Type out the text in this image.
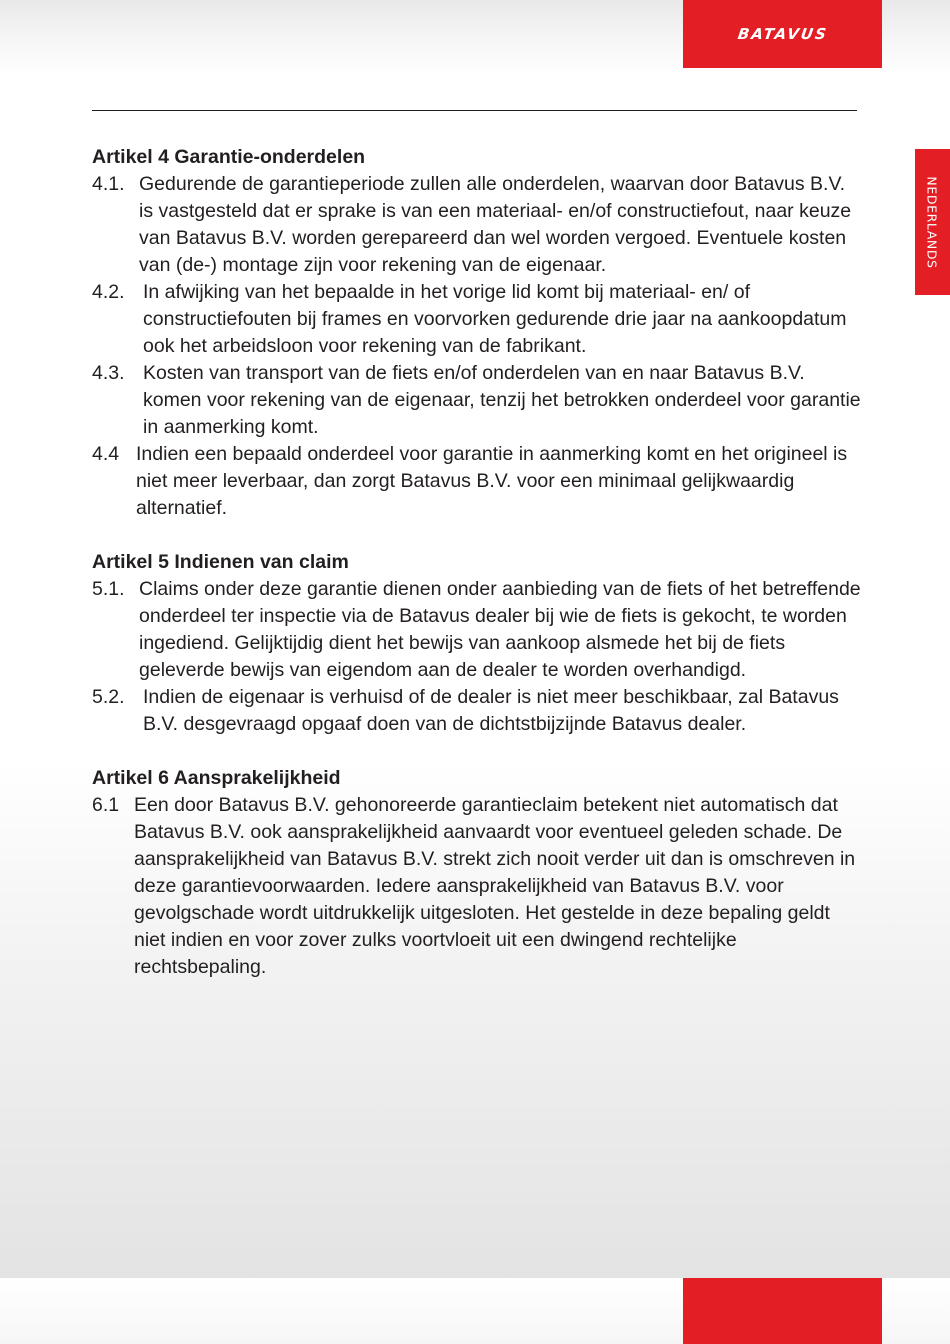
BATAVUS
NEDERLANDS
Artikel 4 Garantie-onderdelen
4.1. Gedurende de garantieperiode zullen alle onderdelen, waarvan door Batavus B.V. is vastgesteld dat er sprake is van een materiaal- en/of constructiefout, naar keuze van Batavus B.V. worden gerepareerd dan wel worden vergoed. Eventuele kosten van (de-) montage zijn voor rekening van de eigenaar.
4.2. In afwijking van het bepaalde in het vorige lid komt bij materiaal- en/ of constructiefouten bij frames en voorvorken gedurende drie jaar na aankoopdatum ook het arbeidsloon voor rekening van de fabrikant.
4.3. Kosten van transport van de fiets en/of onderdelen van en naar Batavus B.V. komen voor rekening van de eigenaar, tenzij het betrokken onderdeel voor garantie in aanmerking komt.
4.4 Indien een bepaald onderdeel voor garantie in aanmerking komt en het origineel is niet meer leverbaar, dan zorgt Batavus B.V. voor een minimaal gelijkwaardig alternatief.
Artikel 5 Indienen van claim
5.1. Claims onder deze garantie dienen onder aanbieding van de fiets of het betreffende onderdeel ter inspectie via de Batavus dealer bij wie de fiets is gekocht, te worden ingediend. Gelijktijdig dient het bewijs van aankoop alsmede het bij de fiets geleverde bewijs van eigendom aan de dealer te worden overhandigd.
5.2. Indien de eigenaar is verhuisd of de dealer is niet meer beschikbaar, zal Batavus B.V. desgevraagd opgaaf doen van de dichtstbijzijnde Batavus dealer.
Artikel 6 Aansprakelijkheid
6.1 Een door Batavus B.V. gehonoreerde garantieclaim betekent niet automatisch dat Batavus B.V. ook aansprakelijkheid aanvaardt voor eventueel geleden schade. De aansprakelijkheid van Batavus B.V. strekt zich nooit verder uit dan is omschreven in deze garantievoorwaarden. Iedere aansprakelijkheid van Batavus B.V. voor gevolgschade wordt uitdrukkelijk uitgesloten. Het gestelde in deze bepaling geldt niet indien en voor zover zulks voortvloeit uit een dwingend rechtelijke rechtsbepaling.
